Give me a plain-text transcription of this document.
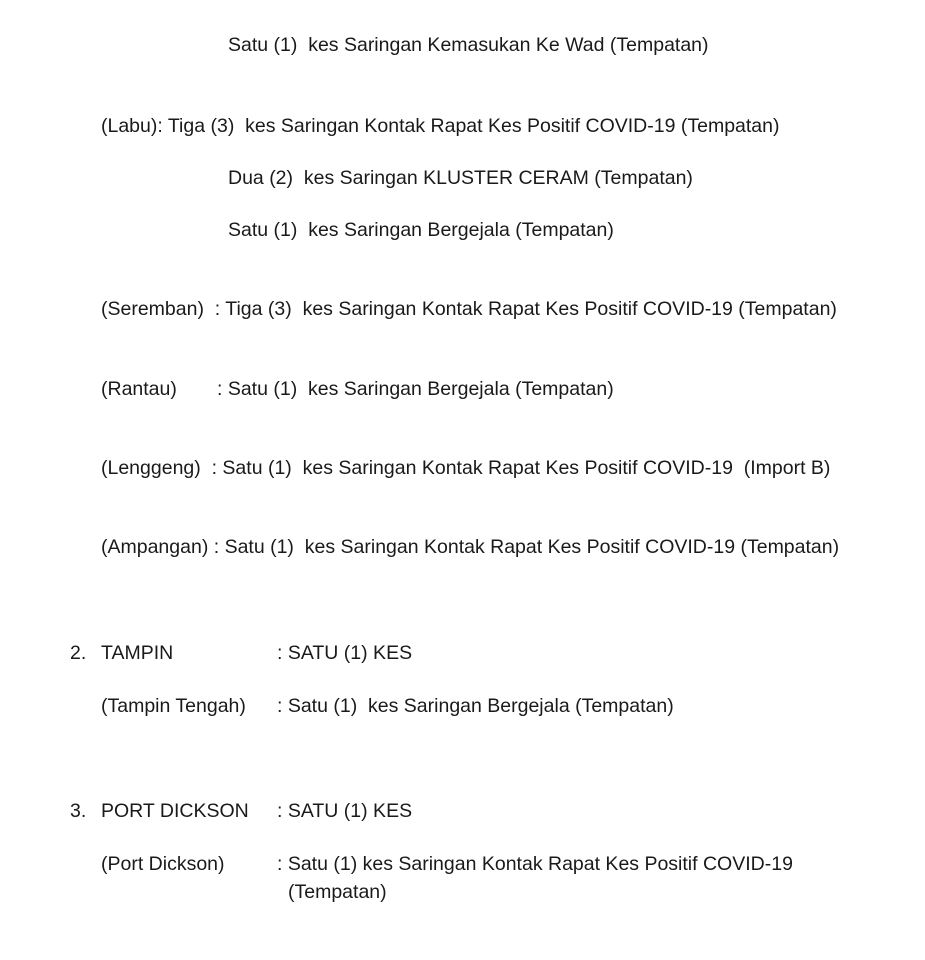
Satu (1)  kes Saringan Kemasukan Ke Wad (Tempatan)
(Labu): Tiga (3)  kes Saringan Kontak Rapat Kes Positif COVID-19 (Tempatan)
Dua (2)  kes Saringan KLUSTER CERAM (Tempatan)
Satu (1)  kes Saringan Bergejala (Tempatan)
(Seremban)  : Tiga (3)  kes Saringan Kontak Rapat Kes Positif COVID-19 (Tempatan)
(Rantau) : Satu (1)  kes Saringan Bergejala (Tempatan)
(Lenggeng)  : Satu (1)  kes Saringan Kontak Rapat Kes Positif COVID-19  (Import B)
(Ampangan) : Satu (1)  kes Saringan Kontak Rapat Kes Positif COVID-19 (Tempatan)
2. TAMPIN	: SATU (1) KES
(Tampin Tengah) : Satu (1)  kes Saringan Bergejala (Tempatan)
3. PORT DICKSON : SATU (1) KES
(Port Dickson)	: Satu (1) kes Saringan Kontak Rapat Kes Positif COVID-19
(Tempatan)
